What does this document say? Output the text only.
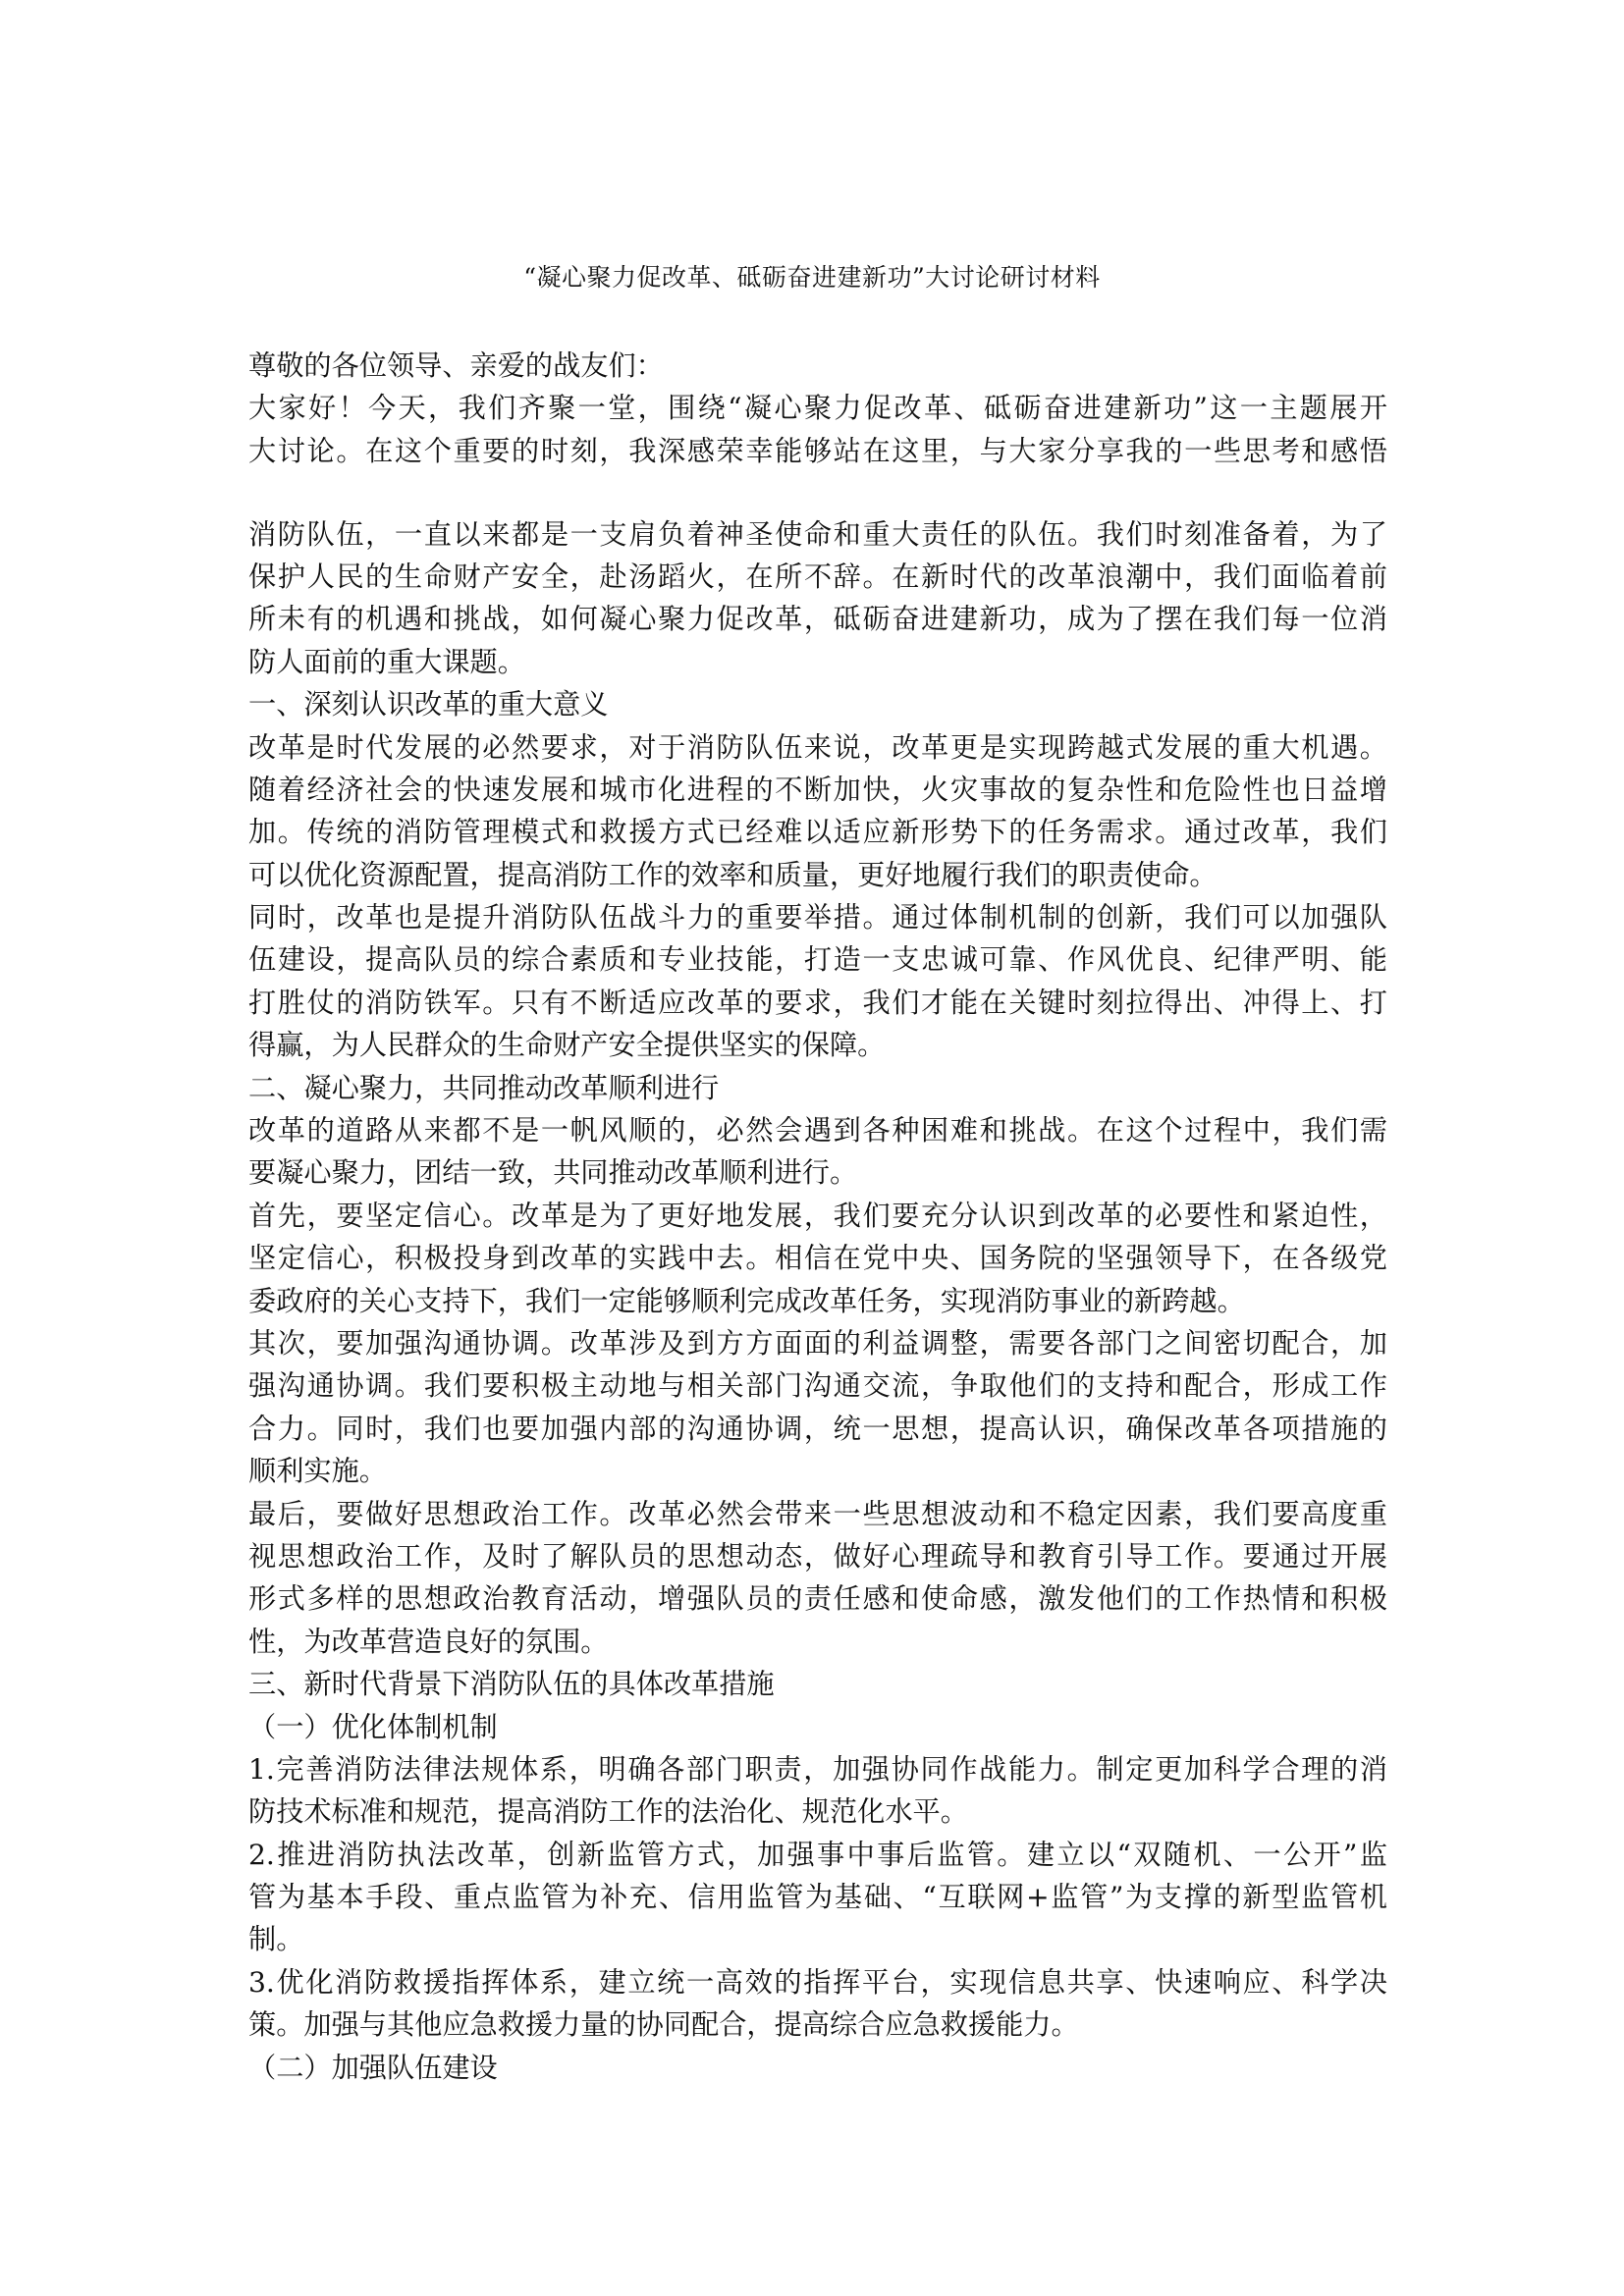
“凝心聚力促改革、砥砺奋进建新功”大讨论研讨材料
尊敬的各位领导、亲爱的战友们：
大家好！今天，我们齐聚一堂，围绕“凝心聚力促改革、砥砺奋进建新功”这一主题展开
大讨论。在这个重要的时刻，我深感荣幸能够站在这里，与大家分享我的一些思考和感悟
消防队伍，一直以来都是一支肩负着神圣使命和重大责任的队伍。我们时刻准备着，为了
保护人民的生命财产安全，赴汤蹈火，在所不辞。在新时代的改革浪潮中，我们面临着前
所未有的机遇和挑战，如何凝心聚力促改革，砥砺奋进建新功，成为了摆在我们每一位消
防人面前的重大课题。
一、深刻认识改革的重大意义
改革是时代发展的必然要求，对于消防队伍来说，改革更是实现跨越式发展的重大机遇。
随着经济社会的快速发展和城市化进程的不断加快，火灾事故的复杂性和危险性也日益增
加。传统的消防管理模式和救援方式已经难以适应新形势下的任务需求。通过改革，我们
可以优化资源配置，提高消防工作的效率和质量，更好地履行我们的职责使命。
同时，改革也是提升消防队伍战斗力的重要举措。通过体制机制的创新，我们可以加强队
伍建设，提高队员的综合素质和专业技能，打造一支忠诚可靠、作风优良、纪律严明、能
打胜仗的消防铁军。只有不断适应改革的要求，我们才能在关键时刻拉得出、冲得上、打
得赢，为人民群众的生命财产安全提供坚实的保障。
二、凝心聚力，共同推动改革顺利进行
改革的道路从来都不是一帆风顺的，必然会遇到各种困难和挑战。在这个过程中，我们需
要凝心聚力，团结一致，共同推动改革顺利进行。
首先，要坚定信心。改革是为了更好地发展，我们要充分认识到改革的必要性和紧迫性，
坚定信心，积极投身到改革的实践中去。相信在党中央、国务院的坚强领导下，在各级党
委政府的关心支持下，我们一定能够顺利完成改革任务，实现消防事业的新跨越。
其次，要加强沟通协调。改革涉及到方方面面的利益调整，需要各部门之间密切配合，加
强沟通协调。我们要积极主动地与相关部门沟通交流，争取他们的支持和配合，形成工作
合力。同时，我们也要加强内部的沟通协调，统一思想，提高认识，确保改革各项措施的
顺利实施。
最后，要做好思想政治工作。改革必然会带来一些思想波动和不稳定因素，我们要高度重
视思想政治工作，及时了解队员的思想动态，做好心理疏导和教育引导工作。要通过开展
形式多样的思想政治教育活动，增强队员的责任感和使命感，激发他们的工作热情和积极
性，为改革营造良好的氛围。
三、新时代背景下消防队伍的具体改革措施
（一）优化体制机制
1.完善消防法律法规体系，明确各部门职责，加强协同作战能力。制定更加科学合理的消
防技术标准和规范，提高消防工作的法治化、规范化水平。
2.推进消防执法改革，创新监管方式，加强事中事后监管。建立以“双随机、一公开”监
管为基本手段、重点监管为补充、信用监管为基础、“互联网+监管”为支撑的新型监管机
制。
3.优化消防救援指挥体系，建立统一高效的指挥平台，实现信息共享、快速响应、科学决
策。加强与其他应急救援力量的协同配合，提高综合应急救援能力。
（二）加强队伍建设
